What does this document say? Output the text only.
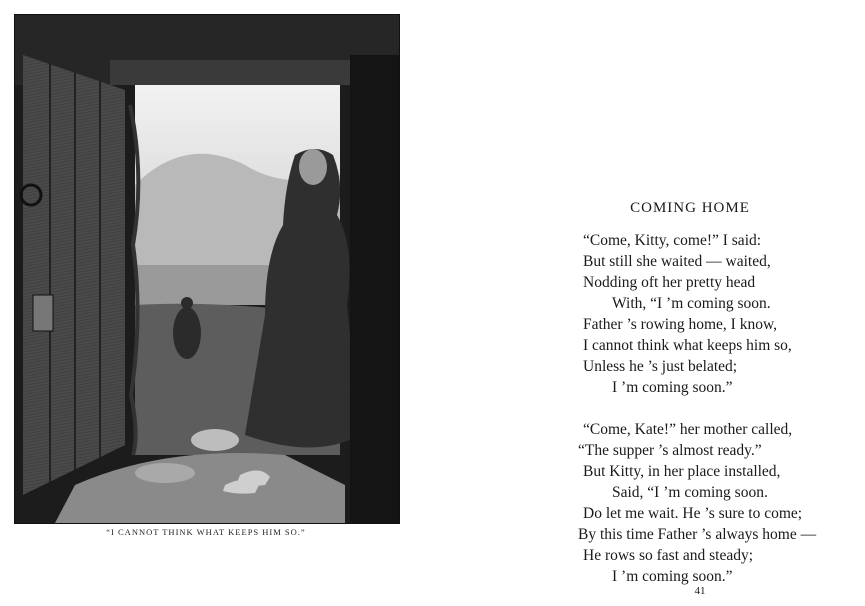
“I CANNOT THINK WHAT KEEPS HIM SO.”
COMING HOME
“Come, Kitty, come!” I said:
But still she waited — waited,
Nodding oft her pretty head
With, “I ’m coming soon.
Father ’s rowing home, I know,
I cannot think what keeps him so,
Unless he ’s just belated;
I ’m coming soon.”
“Come, Kate!” her mother called,
“The supper ’s almost ready.”
But Kitty, in her place installed,
Said, “I ’m coming soon.
Do let me wait. He ’s sure to come;
By this time Father ’s always home —
He rows so fast and steady;
I ’m coming soon.”
41
